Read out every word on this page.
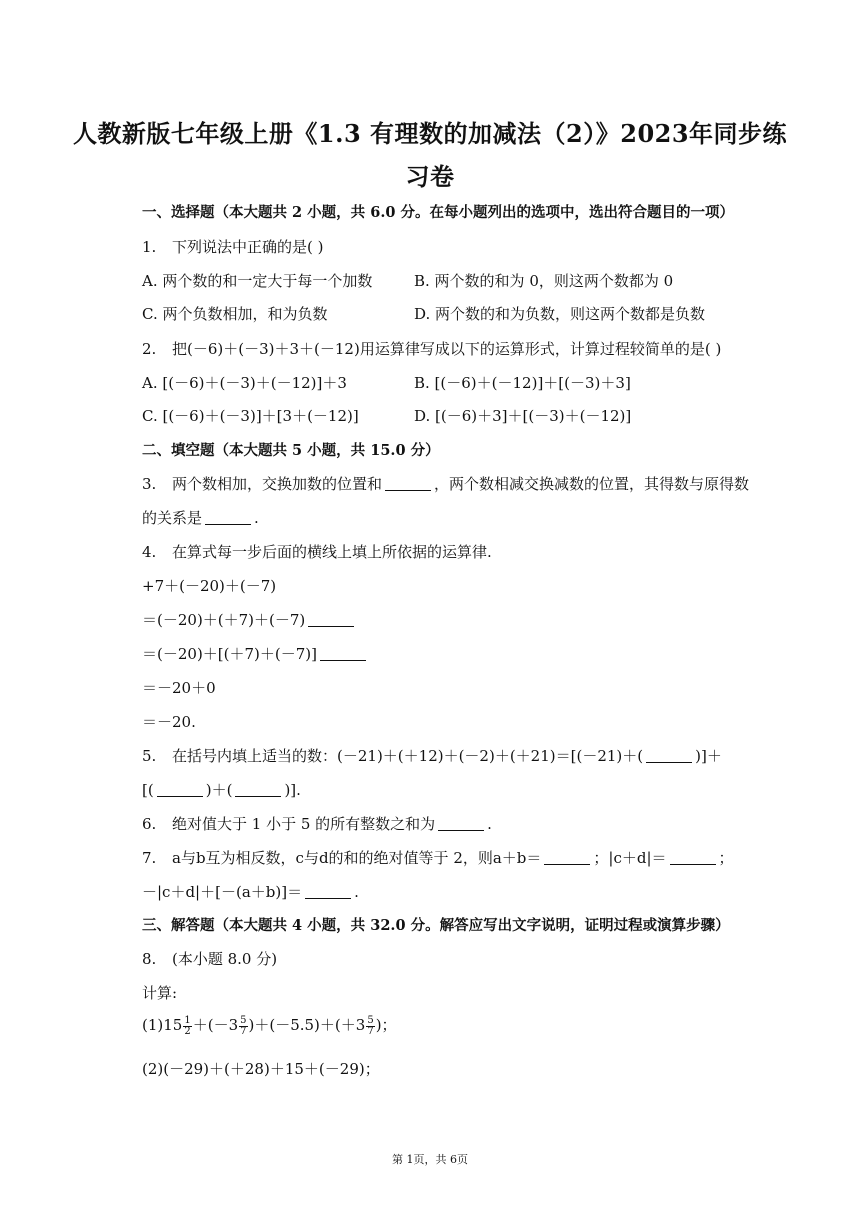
人教新版七年级上册《1.3 有理数的加减法（2）》2023年同步练
习卷
一、选择题（本大题共 2 小题，共 6.0 分。在每小题列出的选项中，选出符合题目的一项）
1. 下列说法中正确的是( )
A. 两个数的和一定大于每一个加数	B. 两个数的和为 0，则这两个数都为 0
C. 两个负数相加，和为负数	D. 两个数的和为负数，则这两个数都是负数
2. 把(－6)＋(－3)＋3＋(－12)用运算律写成以下的运算形式，计算过程较简单的是( )
A. [(－6)＋(－3)＋(－12)]＋3	B. [(－6)＋(－12)]＋[(－3)＋3]
C. [(－6)＋(－3)]＋[3＋(－12)]	D. [(－6)＋3]＋[(－3)＋(－12)]
二、填空题（本大题共 5 小题，共 15.0 分）
3. 两个数相加，交换加数的位置和	，两个数相减交换减数的位置，其得数与原得数
的关系是	.
4. 在算式每一步后面的横线上填上所依据的运算律.
+7＋(－20)＋(－7)
＝(－20)＋(＋7)＋(－7)
＝(－20)＋[(＋7)＋(－7)]
＝－20＋0
＝－20.
5. 在括号内填上适当的数：(－21)＋(＋12)＋(－2)＋(＋21)＝[(－21)＋(	)]＋
[(	)＋(	)].
6. 绝对值大于 1 小于 5 的所有整数之和为	.
7. a与b互为相反数，c与d的和的绝对值等于 2，则a＋b＝	；|c＋d|＝	；
－|c＋d|＋[－(a＋b)]＝	.
三、解答题（本大题共 4 小题，共 32.0 分。解答应写出文字说明，证明过程或演算步骤）
8. (本小题 8.0 分)
计算:
$(1)15 \frac{1}{2} +(-3 \frac{5}{7} )+(-5.5)+(+3 \frac{5}{7}$ )；
(2)(－29)＋(＋28)＋15＋(－29)；
第 1页，共 6页
